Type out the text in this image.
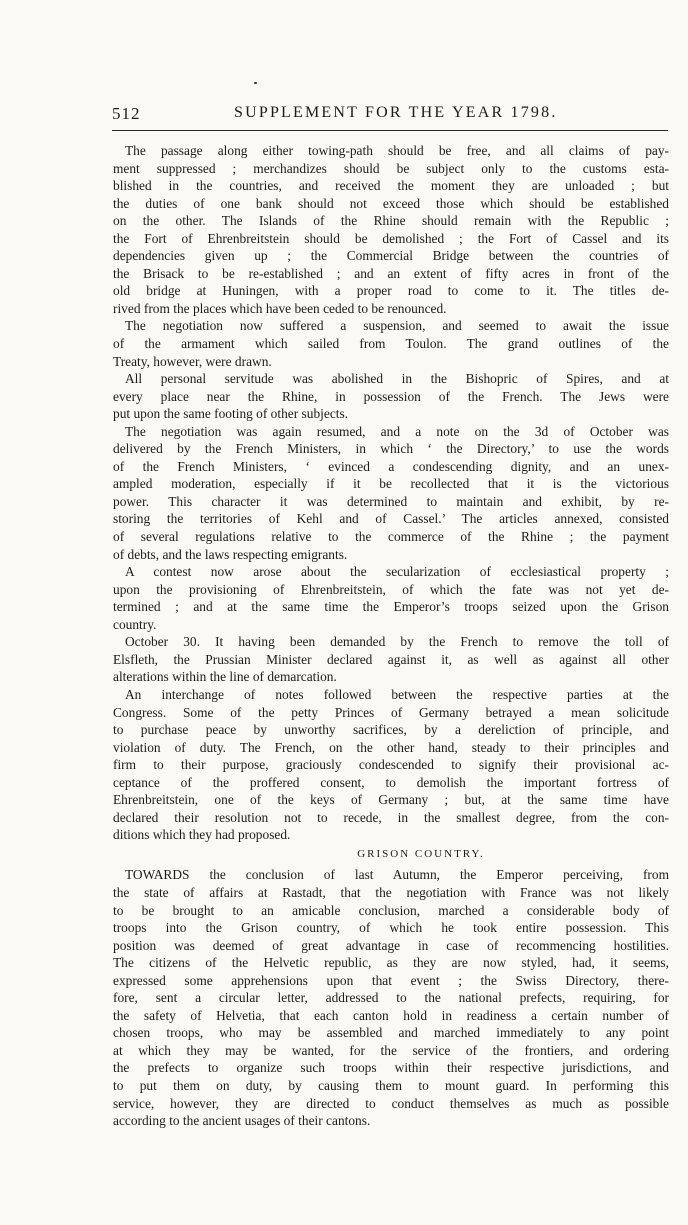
512	SUPPLEMENT FOR THE YEAR 1798.
The passage along either towing-path should be free, and all claims of pay-
ment suppressed ; merchandizes should be subject only to the customs esta-
blished in the countries, and received the moment they are unloaded ; but
the duties of one bank should not exceed those which should be established
on the other. The Islands of the Rhine should remain with the Republic ;
the Fort of Ehrenbreitstein should be demolished ; the Fort of Cassel and its
dependencies given up ; the Commercial Bridge between the countries of
the Brisack to be re-established ; and an extent of fifty acres in front of the
old bridge at Huningen, with a proper road to come to it. The titles de-
rived from the places which have been ceded to be renounced.
The negotiation now suffered a suspension, and seemed to await the issue
of the armament which sailed from Toulon. The grand outlines of the
Treaty, however, were drawn.
All personal servitude was abolished in the Bishopric of Spires, and at
every place near the Rhine, in possession of the French. The Jews were
put upon the same footing of other subjects.
The negotiation was again resumed, and a note on the 3d of October was
delivered by the French Ministers, in which ‘ the Directory,’ to use the words
of the French Ministers, ‘ evinced a condescending dignity, and an unex-
ampled moderation, especially if it be recollected that it is the victorious
power. This character it was determined to maintain and exhibit, by re-
storing the territories of Kehl and of Cassel.’ The articles annexed, consisted
of several regulations relative to the commerce of the Rhine ; the payment
of debts, and the laws respecting emigrants.
A contest now arose about the secularization of ecclesiastical property ;
upon the provisioning of Ehrenbreitstein, of which the fate was not yet de-
termined ; and at the same time the Emperor’s troops seized upon the Grison
country.
October 30. It having been demanded by the French to remove the toll of
Elsfleth, the Prussian Minister declared against it, as well as against all other
alterations within the line of demarcation.
An interchange of notes followed between the respective parties at the
Congress. Some of the petty Princes of Germany betrayed a mean solicitude
to purchase peace by unworthy sacrifices, by a dereliction of principle, and
violation of duty. The French, on the other hand, steady to their principles and
firm to their purpose, graciously condescended to signify their provisional ac-
ceptance of the proffered consent, to demolish the important fortress of
Ehrenbreitstein, one of the keys of Germany ; but, at the same time have
declared their resolution not to recede, in the smallest degree, from the con-
ditions which they had proposed.
GRISON COUNTRY.
TOWARDS the conclusion of last Autumn, the Emperor perceiving, from
the state of affairs at Rastadt, that the negotiation with France was not likely
to be brought to an amicable conclusion, marched a considerable body of
troops into the Grison country, of which he took entire possession. This
position was deemed of great advantage in case of recommencing hostilities.
The citizens of the Helvetic republic, as they are now styled, had, it seems,
expressed some apprehensions upon that event ; the Swiss Directory, there-
fore, sent a circular letter, addressed to the national prefects, requiring, for
the safety of Helvetia, that each canton hold in readiness a certain number of
chosen troops, who may be assembled and marched immediately to any point
at which they may be wanted, for the service of the frontiers, and ordering
the prefects to organize such troops within their respective jurisdictions, and
to put them on duty, by causing them to mount guard. In performing this
service, however, they are directed to conduct themselves as much as possible
according to the ancient usages of their cantons.
